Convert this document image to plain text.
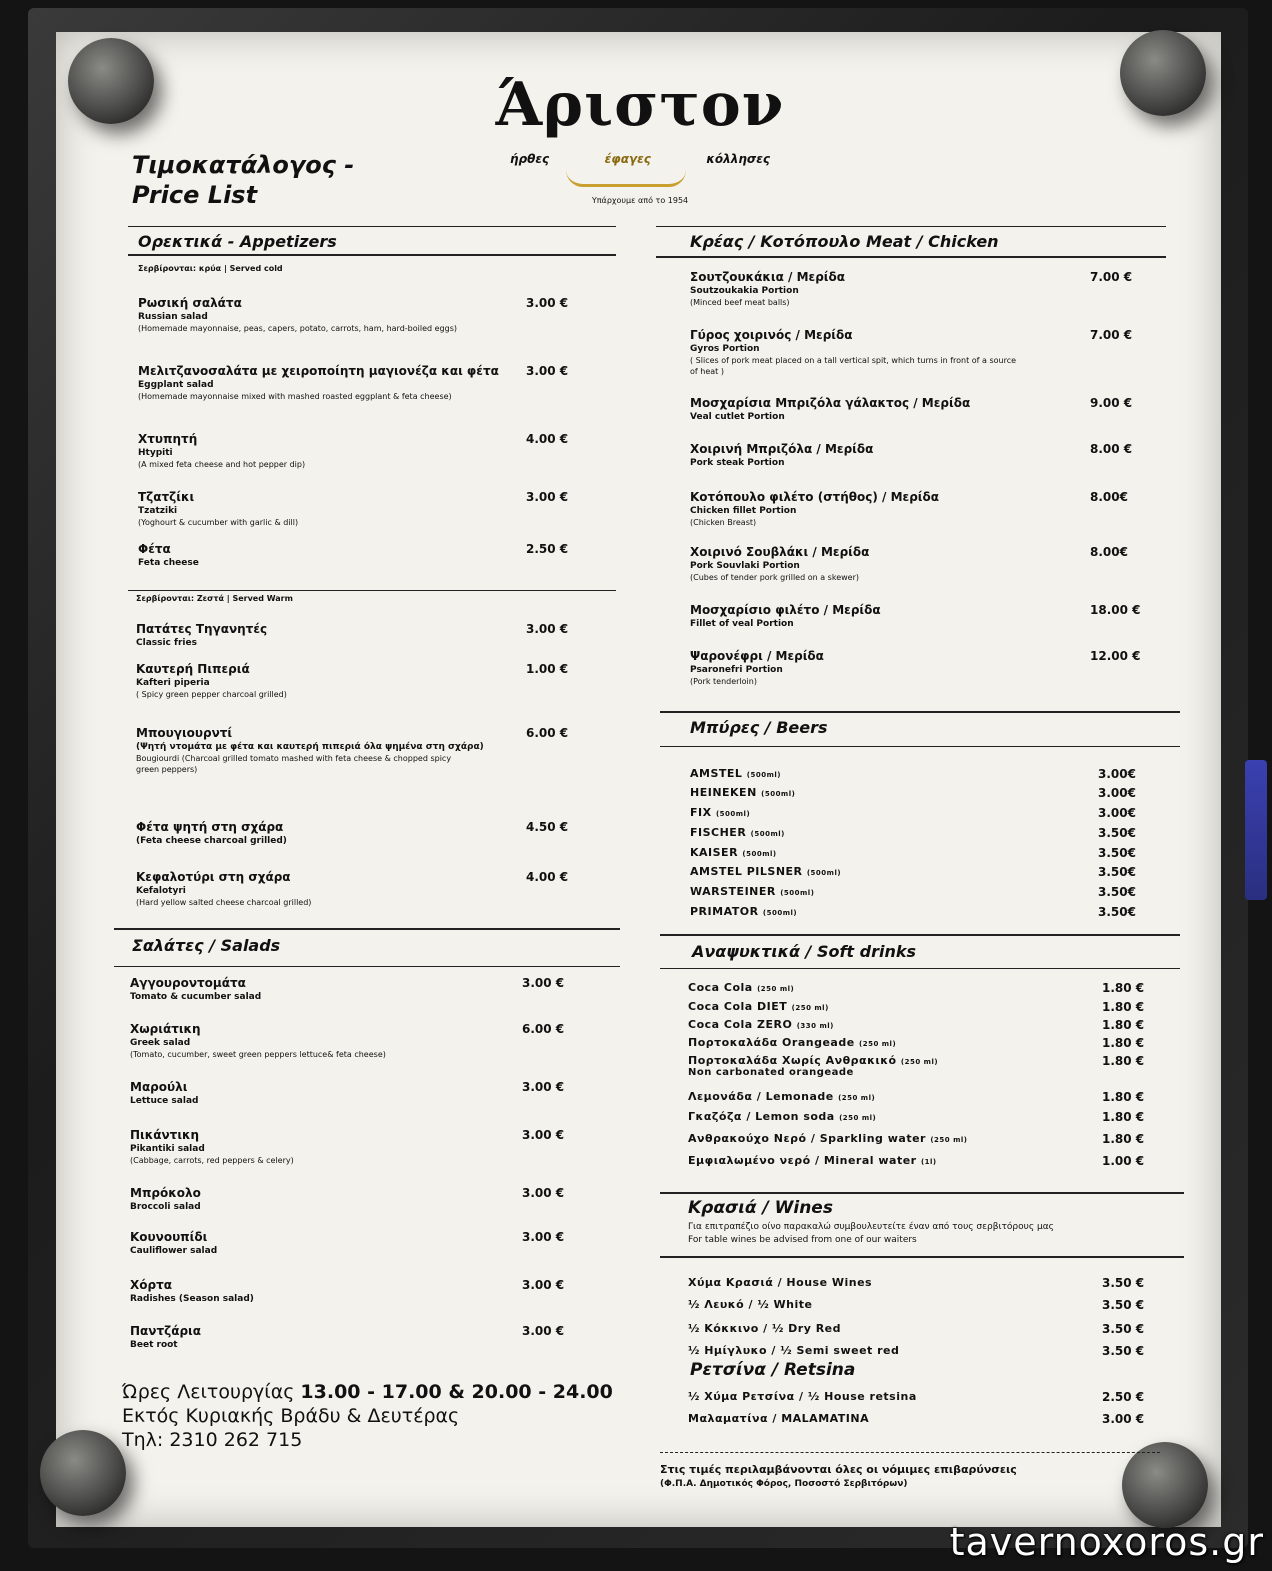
Άριστον
ήρθες	έφαγες	κόλλησες
Υπάρχουμε από το 1954
Τιμοκατάλογος -
Price List
Ορεκτικά - Appetizers
Σερβίρονται: κρύα | Served cold
Ρωσική σαλάτα
Russian salad
(Homemade mayonnaise, peas, capers, potato, carrots, ham, hard-boiled eggs)
3.00 €
Μελιτζανοσαλάτα με χειροποίητη μαγιονέζα και φέτα
Eggplant salad
(Homemade mayonnaise mixed with mashed roasted eggplant & feta cheese)
3.00 €
Χτυπητή
Htypiti
(A mixed feta cheese and hot pepper dip)
4.00 €
Τζατζίκι
Tzatziki
(Yoghourt & cucumber with garlic & dill)
3.00 €
Φέτα
Feta cheese
2.50 €
Πατάτες Τηγανητές
Classic fries
3.00 €
Καυτερή Πιπεριά
Kafteri piperia
( Spicy green pepper charcoal grilled)
1.00 €
Μπουγιουρντί
(Ψητή ντομάτα με φέτα και καυτερή πιπεριά όλα ψημένα στη σχάρα)
Bougiourdi (Charcoal grilled tomato mashed with feta cheese & chopped spicy green peppers)
6.00 €
Φέτα ψητή στη σχάρα
(Feta cheese charcoal grilled)
4.50 €
Κεφαλοτύρι στη σχάρα
Kefalotyri
(Hard yellow salted cheese charcoal grilled)
4.00 €
Αγγουροντομάτα
Tomato & cucumber salad
3.00 €
Χωριάτικη
Greek salad
(Tomato, cucumber, sweet green peppers lettuce& feta cheese)
6.00 €
Μαρούλι
Lettuce salad
3.00 €
Πικάντικη
Pikantiki salad
(Cabbage, carrots, red peppers & celery)
3.00 €
Μπρόκολο
Broccoli salad
3.00 €
Κουνουπίδι
Cauliflower salad
3.00 €
Χόρτα
Radishes (Season salad)
3.00 €
Παντζάρια
Beet root
3.00 €
Σερβίρονται: Ζεστά | Served Warm
Σαλάτες / Salads
Κρέας / Κοτόπουλο Meat / Chicken
Μπύρες / Beers
Αναψυκτικά / Soft drinks
Κρασιά / Wines
Για επιτραπέζιο οίνο παρακαλώ συμβουλευτείτε έναν από τους σερβιτόρους μας
For table wines be advised from one of our waiters
Ρετσίνα / Retsina
Σουτζουκάκια / Μερίδα
Soutzoukakia Portion
(Minced beef meat balls)
7.00 €
Γύρος χοιρινός / Μερίδα
Gyros Portion
( Slices of pork meat placed on a tall vertical spit, which turns in front of a source of heat )
7.00 €
Μοσχαρίσια Μπριζόλα γάλακτος / Μερίδα
Veal cutlet Portion
9.00 €
Χοιρινή Μπριζόλα / Μερίδα
Pork steak Portion
8.00 €
Κοτόπουλο φιλέτο (στήθος) / Μερίδα
Chicken fillet Portion
(Chicken Breast)
8.00€
Χοιρινό Σουβλάκι / Μερίδα
Pork Souvlaki Portion
(Cubes of tender pork grilled on a skewer)
8.00€
Μοσχαρίσιο φιλέτο / Μερίδα
Fillet of veal Portion
18.00 €
Ψαρονέφρι / Μερίδα
Psaronefri Portion
(Pork tenderloin)
12.00 €
AMSTEL (500ml)	3.00€
HEINEKEN (500ml)	3.00€
FIX (500ml)	3.00€
FISCHER (500ml)	3.50€
KAISER (500ml)	3.50€
AMSTEL PILSNER (500ml)	3.50€
WARSTEINER (500ml)	3.50€
PRIMATOR (500ml)	3.50€
Coca Cola (250 ml)	1.80 €
Coca Cola DIET (250 ml)	1.80 €
Coca Cola ZERO (330 ml)	1.80 €
Πορτοκαλάδα Orangeade (250 ml)	1.80 €
Πορτοκαλάδα Χωρίς Ανθρακικό (250 ml)
Non carbonated orangeade
1.80 €
Λεμονάδα / Lemonade (250 ml)	1.80 €
Γκαζόζα / Lemon soda (250 ml)	1.80 €
Ανθρακούχο Νερό / Sparkling water (250 ml)	1.80 €
Εμφιαλωμένο νερό / Mineral water (1l)	1.00 €
Χύμα Κρασιά / House Wines	3.50 €
½ Λευκό / ½ White	3.50 €
½ Κόκκινο / ½ Dry Red	3.50 €
½ Ημίγλυκο / ½ Semi sweet red	3.50 €
½ Χύμα Ρετσίνα / ½ House retsina	2.50 €
Μαλαματίνα / MALAMATINA	3.00 €
Ώρες Λειτουργίας 13.00 - 17.00 & 20.00 - 24.00
Εκτός Κυριακής Βράδυ & Δευτέρας
Τηλ: 2310 262 715
Στις τιμές περιλαμβάνονται όλες οι νόμιμες επιβαρύνσεις
(Φ.Π.Α. Δημοτικός Φόρος, Ποσοστό Σερβιτόρων)
tavernoxoros.gr
